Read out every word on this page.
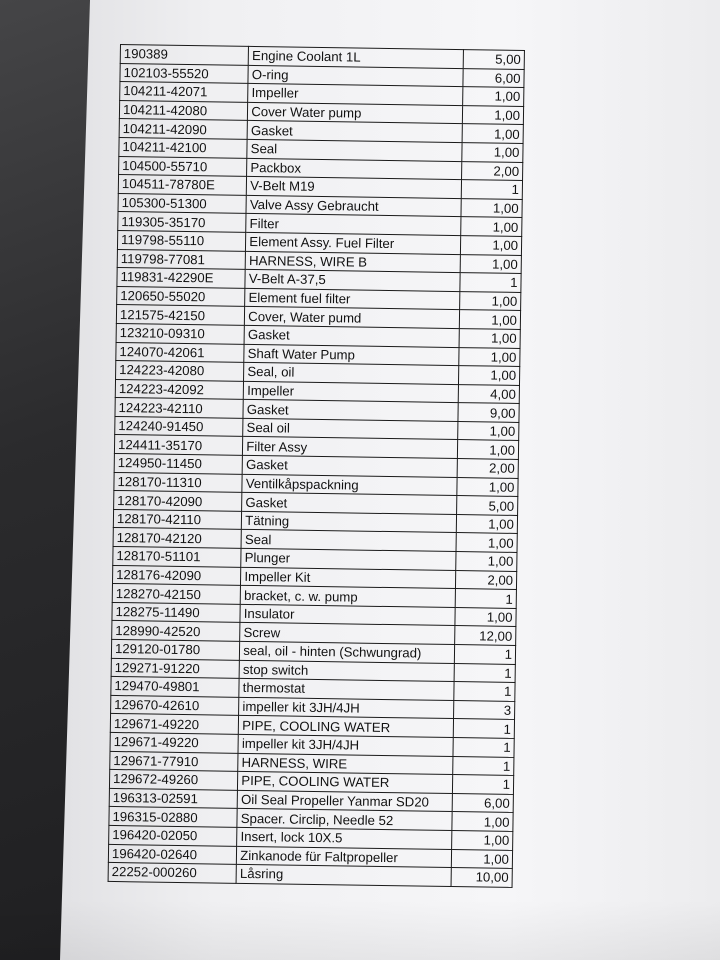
190389	Engine Coolant 1L	5,00
102103-55520	O-ring	6,00
104211-42071	Impeller	1,00
104211-42080	Cover Water pump	1,00
104211-42090	Gasket	1,00
104211-42100	Seal	1,00
104500-55710	Packbox	2,00
104511-78780E	V-Belt M19	1
105300-51300	Valve Assy Gebraucht	1,00
119305-35170	Filter	1,00
119798-55110	Element Assy. Fuel Filter	1,00
119798-77081	HARNESS, WIRE B	1,00
119831-42290E	V-Belt A-37,5	1
120650-55020	Element fuel filter	1,00
121575-42150	Cover, Water pumd	1,00
123210-09310	Gasket	1,00
124070-42061	Shaft Water Pump	1,00
124223-42080	Seal, oil	1,00
124223-42092	Impeller	4,00
124223-42110	Gasket	9,00
124240-91450	Seal oil	1,00
124411-35170	Filter Assy	1,00
124950-11450	Gasket	2,00
128170-11310	Ventilkåpspackning	1,00
128170-42090	Gasket	5,00
128170-42110	Tätning	1,00
128170-42120	Seal	1,00
128170-51101	Plunger	1,00
128176-42090	Impeller Kit	2,00
128270-42150	bracket, c. w. pump	1
128275-11490	Insulator	1,00
128990-42520	Screw	12,00
129120-01780	seal, oil - hinten (Schwungrad)	1
129271-91220	stop switch	1
129470-49801	thermostat	1
129670-42610	impeller kit 3JH/4JH	3
129671-49220	PIPE, COOLING WATER	1
129671-49220	impeller kit 3JH/4JH	1
129671-77910	HARNESS, WIRE	1
129672-49260	PIPE, COOLING WATER	1
196313-02591	Oil Seal Propeller Yanmar SD20	6,00
196315-02880	Spacer. Circlip, Needle 52	1,00
196420-02050	Insert, lock 10X.5	1,00
196420-02640	Zinkanode für Faltpropeller	1,00
22252-000260	Låsring	10,00
